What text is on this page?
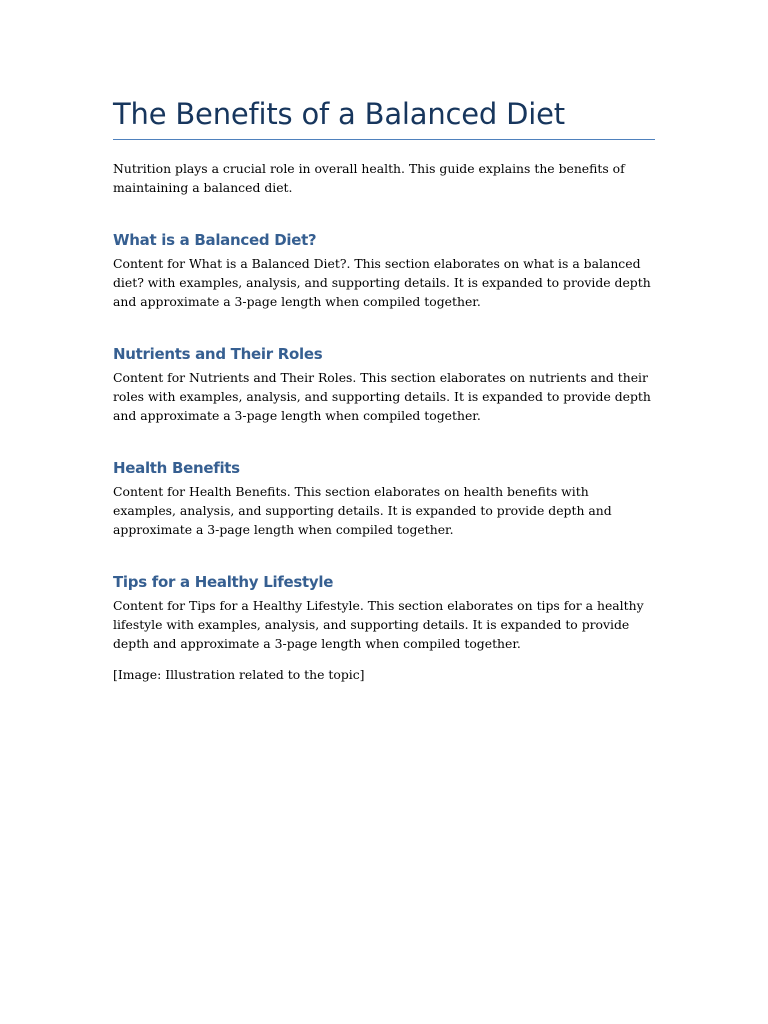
The Benefits of a Balanced Diet

Nutrition plays a crucial role in overall health. This guide explains the benefits of maintaining a balanced diet.

What is a Balanced Diet?

Content for What is a Balanced Diet?. This section elaborates on what is a balanced diet? with examples, analysis, and supporting details. It is expanded to provide depth and approximate a 3-page length when compiled together.

Nutrients and Their Roles

Content for Nutrients and Their Roles. This section elaborates on nutrients and their roles with examples, analysis, and supporting details. It is expanded to provide depth and approximate a 3-page length when compiled together.

Health Benefits

Content for Health Benefits. This section elaborates on health benefits with examples, analysis, and supporting details. It is expanded to provide depth and approximate a 3-page length when compiled together.

Tips for a Healthy Lifestyle

Content for Tips for a Healthy Lifestyle. This section elaborates on tips for a healthy lifestyle with examples, analysis, and supporting details. It is expanded to provide depth and approximate a 3-page length when compiled together.

[Image: Illustration related to the topic]
